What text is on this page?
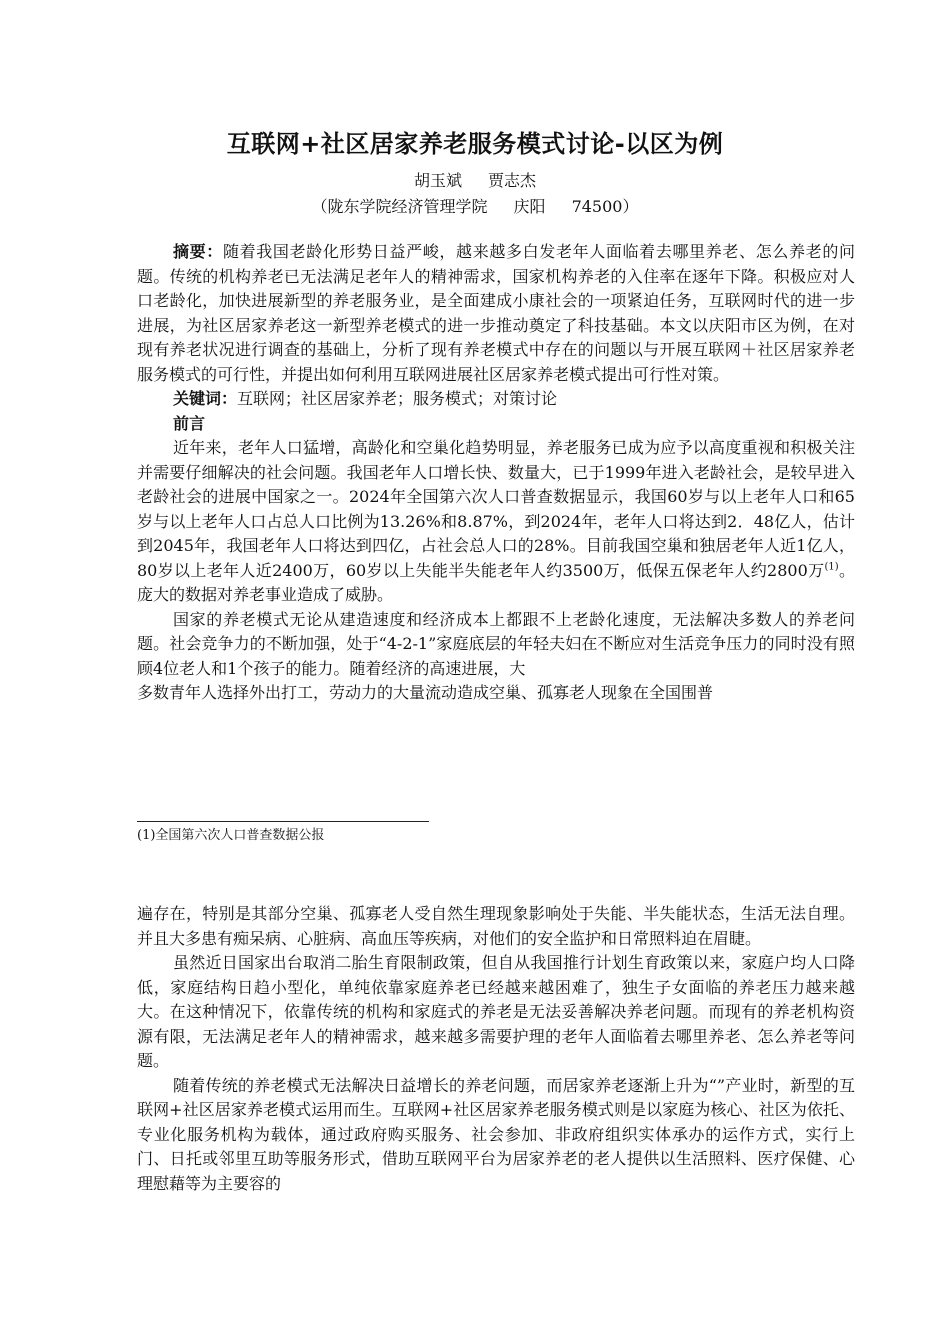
互联网+社区居家养老服务模式讨论-以区为例
胡玉斌 贾志杰
（陇东学院经济管理学院 庆阳 74500）

摘要：随着我国老龄化形势日益严峻，越来越多白发老年人面临着去哪里养老、怎么养老的问题。传统的机构养老已无法满足老年人的精神需求，国家机构养老的入住率在逐年下降。积极应对人口老龄化，加快进展新型的养老服务业，是全面建成小康社会的一项紧迫任务，互联网时代的进一步进展，为社区居家养老这一新型养老模式的进一步推动奠定了科技基础。本文以庆阳市区为例，在对现有养老状况进行调查的基础上，分析了现有养老模式中存在的问题以与开展互联网＋社区居家养老服务模式的可行性，并提出如何利用互联网进展社区居家养老模式提出可行性对策。

关键词：互联网；社区居家养老；服务模式；对策讨论

前言

近年来，老年人口猛增，高龄化和空巢化趋势明显，养老服务已成为应予以高度重视和积极关注并需要仔细解决的社会问题。我国老年人口增长快、数量大，已于1999年进入老龄社会，是较早进入老龄社会的进展中国家之一。2024年全国第六次人口普查数据显示，我国60岁与以上老年人口和65岁与以上老年人口占总人口比例为13.26%和8.87%，到2024年，老年人口将达到2．48亿人，估计到2045年，我国老年人口将达到四亿，占社会总人口的28%。目前我国空巢和独居老年人近1亿人，80岁以上老年人近2400万，60岁以上失能半失能老年人约3500万，低保五保老年人约2800万$^{(1)}$。庞大的数据对养老事业造成了威胁。

国家的养老模式无论从建造速度和经济成本上都跟不上老龄化速度，无法解决多数人的养老问题。社会竞争力的不断加强，处于“4-2-1”家庭底层的年轻夫妇在不断应对生活竞争压力的同时没有照顾4位老人和1个孩子的能力。随着经济的高速进展，大

多数青年人选择外出打工，劳动力的大量流动造成空巢、孤寡老人现象在全国围普

(1)全国第六次人口普查数据公报

遍存在，特别是其部分空巢、孤寡老人受自然生理现象影响处于失能、半失能状态，生活无法自理。并且大多患有痴呆病、心脏病、高血压等疾病，对他们的安全监护和日常照料迫在眉睫。

虽然近日国家出台取消二胎生育限制政策，但自从我国推行计划生育政策以来，家庭户均人口降低，家庭结构日趋小型化，单纯依靠家庭养老已经越来越困难了，独生子女面临的养老压力越来越大。在这种情况下，依靠传统的机构和家庭式的养老是无法妥善解决养老问题。而现有的养老机构资源有限，无法满足老年人的精神需求，越来越多需要护理的老年人面临着去哪里养老、怎么养老等问题。

随着传统的养老模式无法解决日益增长的养老问题，而居家养老逐渐上升为“”产业时，新型的互联网+社区居家养老模式运用而生。互联网+社区居家养老服务模式则是以家庭为核心、社区为依托、专业化服务机构为载体，通过政府购买服务、社会参加、非政府组织实体承办的运作方式，实行上门、日托或邻里互助等服务形式，借助互联网平台为居家养老的老人提供以生活照料、医疗保健、心理慰藉等为主要容的
